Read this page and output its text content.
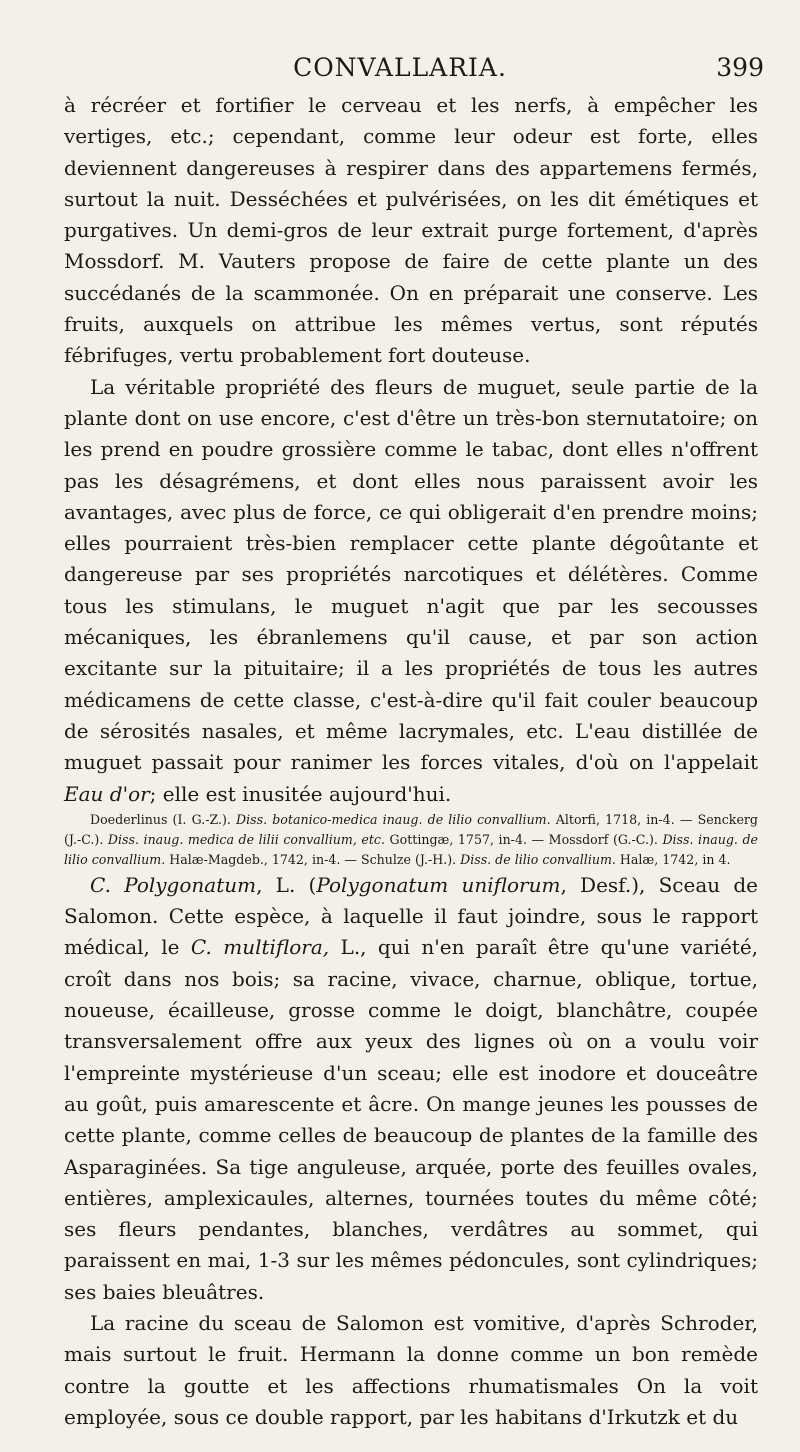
CONVALLARIA.	399

à récréer et fortifier le cerveau et les nerfs, à empêcher les vertiges, etc.; cependant, comme leur odeur est forte, elles deviennent dangereuses à respirer dans des appartemens fermés, surtout la nuit. Desséchées et pulvérisées, on les dit émétiques et purgatives. Un demi-gros de leur extrait purge fortement, d'après Mossdorf. M. Vauters propose de faire de cette plante un des succédanés de la scammonée. On en préparait une conserve. Les fruits, auxquels on attribue les mêmes vertus, sont réputés fébrifuges, vertu probablement fort douteuse.

La véritable propriété des fleurs de muguet, seule partie de la plante dont on use encore, c'est d'être un très-bon sternutatoire; on les prend en poudre grossière comme le tabac, dont elles n'offrent pas les désagrémens, et dont elles nous paraissent avoir les avantages, avec plus de force, ce qui obligerait d'en prendre moins; elles pourraient très-bien remplacer cette plante dégoûtante et dangereuse par ses propriétés narcotiques et délétères. Comme tous les stimulans, le muguet n'agit que par les secousses mécaniques, les ébranlemens qu'il cause, et par son action excitante sur la pituitaire; il a les propriétés de tous les autres médicamens de cette classe, c'est-à-dire qu'il fait couler beaucoup de sérosités nasales, et même lacrymales, etc. L'eau distillée de muguet passait pour ranimer les forces vitales, d'où on l'appelait Eau d'or; elle est inusitée aujourd'hui.

Doederlinus (I. G.-Z.). Diss. botanico-medica inaug. de lilio convallium. Altorfi, 1718, in-4. — Senckerg (J.-C.). Diss. inaug. medica de lilii convallium, etc. Gottingæ, 1757, in-4. — Mossdorf (G.-C.). Diss. inaug. de lilio convallium. Halæ-Magdeb., 1742, in-4. — Schulze (J.-H.). Diss. de lilio convallium. Halæ, 1742, in 4.

C. Polygonatum, L. (Polygonatum uniflorum, Desf.), Sceau de Salomon. Cette espèce, à laquelle il faut joindre, sous le rapport médical, le C. multiflora, L., qui n'en paraît être qu'une variété, croît dans nos bois; sa racine, vivace, charnue, oblique, tortue, noueuse, écailleuse, grosse comme le doigt, blanchâtre, coupée transversalement offre aux yeux des lignes où on a voulu voir l'empreinte mystérieuse d'un sceau; elle est inodore et douceâtre au goût, puis amarescente et âcre. On mange jeunes les pousses de cette plante, comme celles de beaucoup de plantes de la famille des Asparaginées. Sa tige anguleuse, arquée, porte des feuilles ovales, entières, amplexicaules, alternes, tournées toutes du même côté; ses fleurs pendantes, blanches, verdâtres au sommet, qui paraissent en mai, 1-3 sur les mêmes pédoncules, sont cylindriques; ses baies bleuâtres.

La racine du sceau de Salomon est vomitive, d'après Schroder, mais surtout le fruit. Hermann la donne comme un bon remède contre la goutte et les affections rhumatismales On la voit employée, sous ce double rapport, par les habitans d'Irkutzk et du
